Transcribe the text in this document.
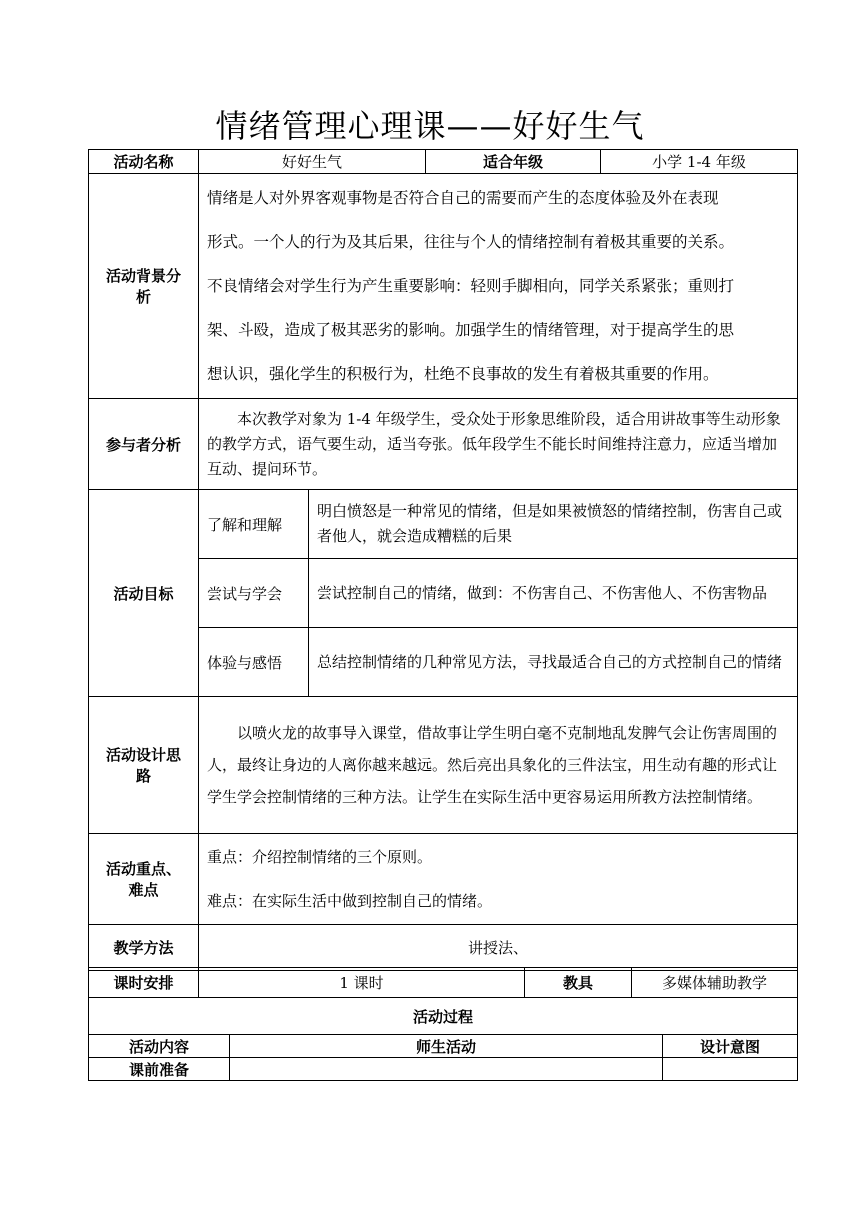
情绪管理心理课——好好生气
活动名称	好好生气	适合年级	小学 1-4 年级
活动背景分析	情绪是人对外界客观事物是否符合自己的需要而产生的态度体验及外在表现

形式。一个人的行为及其后果，往往与个人的情绪控制有着极其重要的关系。

不良情绪会对学生行为产生重要影响：轻则手脚相向，同学关系紧张；重则打

架、斗殴，造成了极其恶劣的影响。加强学生的情绪管理，对于提高学生的思

想认识，强化学生的积极行为，杜绝不良事故的发生有着极其重要的作用。	

参与者分析	本次教学对象为 1-4 年级学生，受众处于形象思维阶段，适合用讲故事等生动形象的教学方式，语气要生动，适当夸张。低年段学生不能长时间维持注意力，应适当增加互动、提问环节。	
活动目标	了解和理解	明白愤怒是一种常见的情绪，但是如果被愤怒的情绪控制，伤害自己或者他人，就会造成糟糕的后果
	尝试与学会	尝试控制自己的情绪，做到：不伤害自己、不伤害他人、不伤害物品
	体验与感悟	总结控制情绪的几种常见方法，寻找最适合自己的方式控制自己的情绪
活动设计思路	以喷火龙的故事导入课堂，借故事让学生明白毫不克制地乱发脾气会让伤害周围的人，最终让身边的人离你越来越远。然后亮出具象化的三件法宝，用生动有趣的形式让学生学会控制情绪的三种方法。让学生在实际生活中更容易运用所教方法控制情绪。	
活动重点、难点	重点：介绍控制情绪的三个原则。

难点：在实际生活中做到控制自己的情绪。	

教学方法	讲授法、	
课时安排	1 课时	教具	多媒体辅助教学
活动过程		
活动内容	师生活动	设计意图
课前准备		
